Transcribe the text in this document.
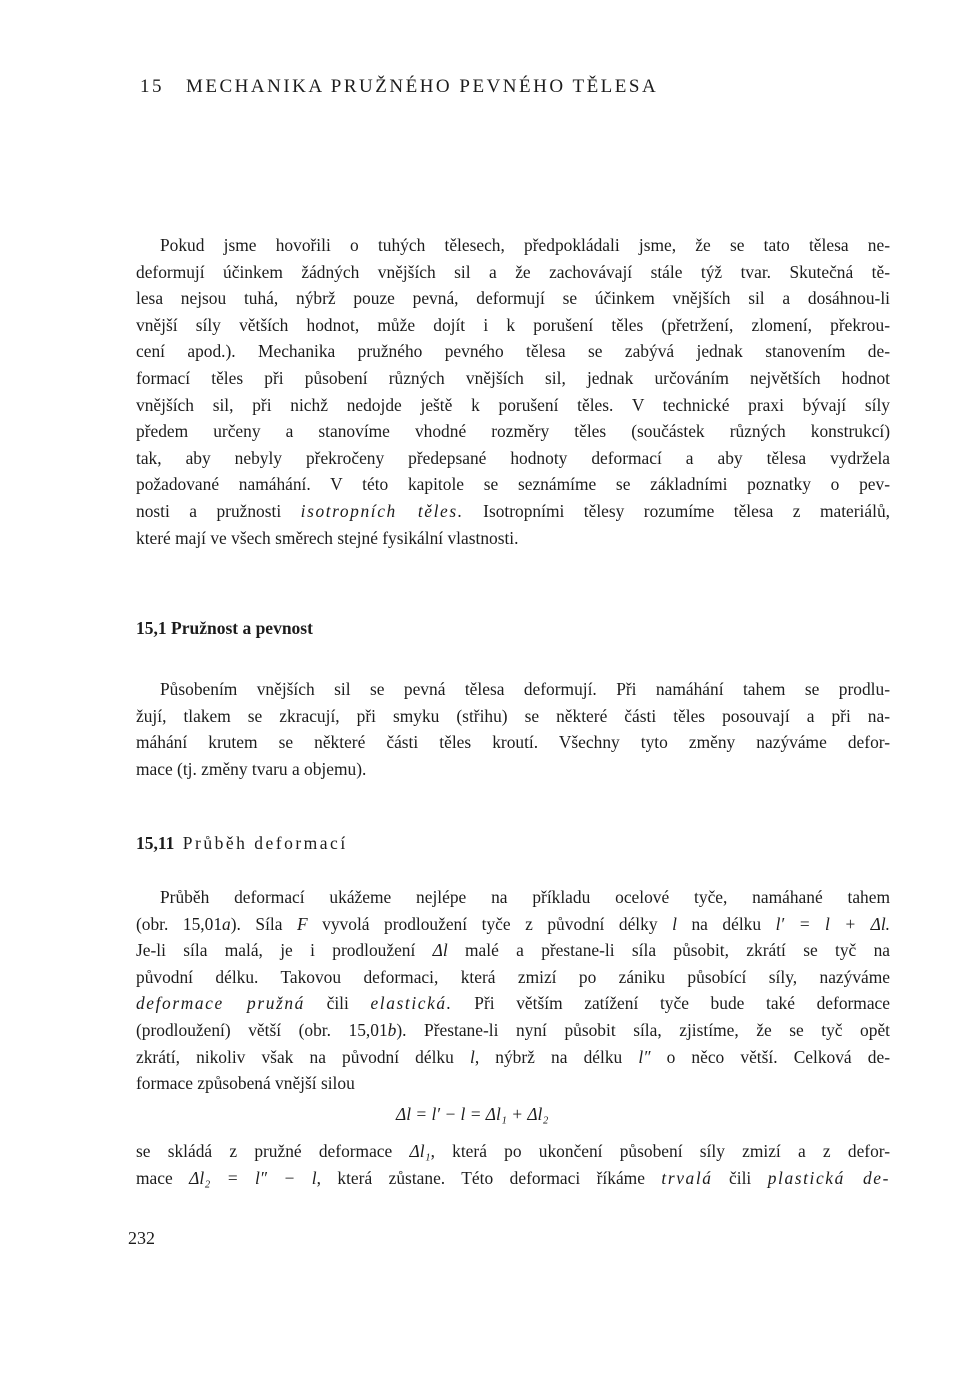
15 MECHANIKA PRUŽNÉHO PEVNÉHO TĚLESA
Pokud jsme hovořili o tuhých tělesech, předpokládali jsme, že se tato tělesa ne-
deformují účinkem žádných vnějších sil a že zachovávají stále týž tvar. Skutečná tě-
lesa nejsou tuhá, nýbrž pouze pevná, deformují se účinkem vnějších sil a dosáhnou-li
vnější síly větších hodnot, může dojít i k porušení těles (přetržení, zlomení, překrou-
cení apod.). Mechanika pružného pevného tělesa se zabývá jednak stanovením de-
formací těles při působení různých vnějších sil, jednak určováním největších hodnot
vnějších sil, při nichž nedojde ještě k porušení těles. V technické praxi bývají síly
předem určeny a stanovíme vhodné rozměry těles (součástek různých konstrukcí)
tak, aby nebyly překročeny předepsané hodnoty deformací a aby tělesa vydržela
požadované namáhání. V této kapitole se seznámíme se základními poznatky o pev-
nosti a pružnosti isotropních těles. Isotropními tělesy rozumíme tělesa z materiálů,
které mají ve všech směrech stejné fysikální vlastnosti.
15,1 Pružnost a pevnost
Působením vnějších sil se pevná tělesa deformují. Při namáhání tahem se prodlu-
žují, tlakem se zkracují, při smyku (střihu) se některé části těles posouvají a při na-
máhání krutem se některé části těles kroutí. Všechny tyto změny nazýváme defor-
mace (tj. změny tvaru a objemu).
15,11 Průběh deformací
Průběh deformací ukážeme nejlépe na příkladu ocelové tyče, namáhané tahem
(obr. 15,01a). Síla F vyvolá prodloužení tyče z původní délky l na délku l′ = l + Δl.
Je-li síla malá, je i prodloužení Δl malé a přestane-li síla působit, zkrátí se tyč na
původní délku. Takovou deformaci, která zmizí po zániku působící síly, nazýváme
deformace pružná čili elastická. Při větším zatížení tyče bude také deformace
(prodloužení) větší (obr. 15,01b). Přestane-li nyní působit síla, zjistíme, že se tyč opět
zkrátí, nikoliv však na původní délku l, nýbrž na délku l″ o něco větší. Celková de-
formace způsobená vnější silou
Δl = l′ − l = Δl₁ + Δl₂
se skládá z pružné deformace Δl₁, která po ukončení působení síly zmizí a z defor-
mace Δl₂ = l″ − l, která zůstane. Této deformaci říkáme trvalá čili plastická de-
232
